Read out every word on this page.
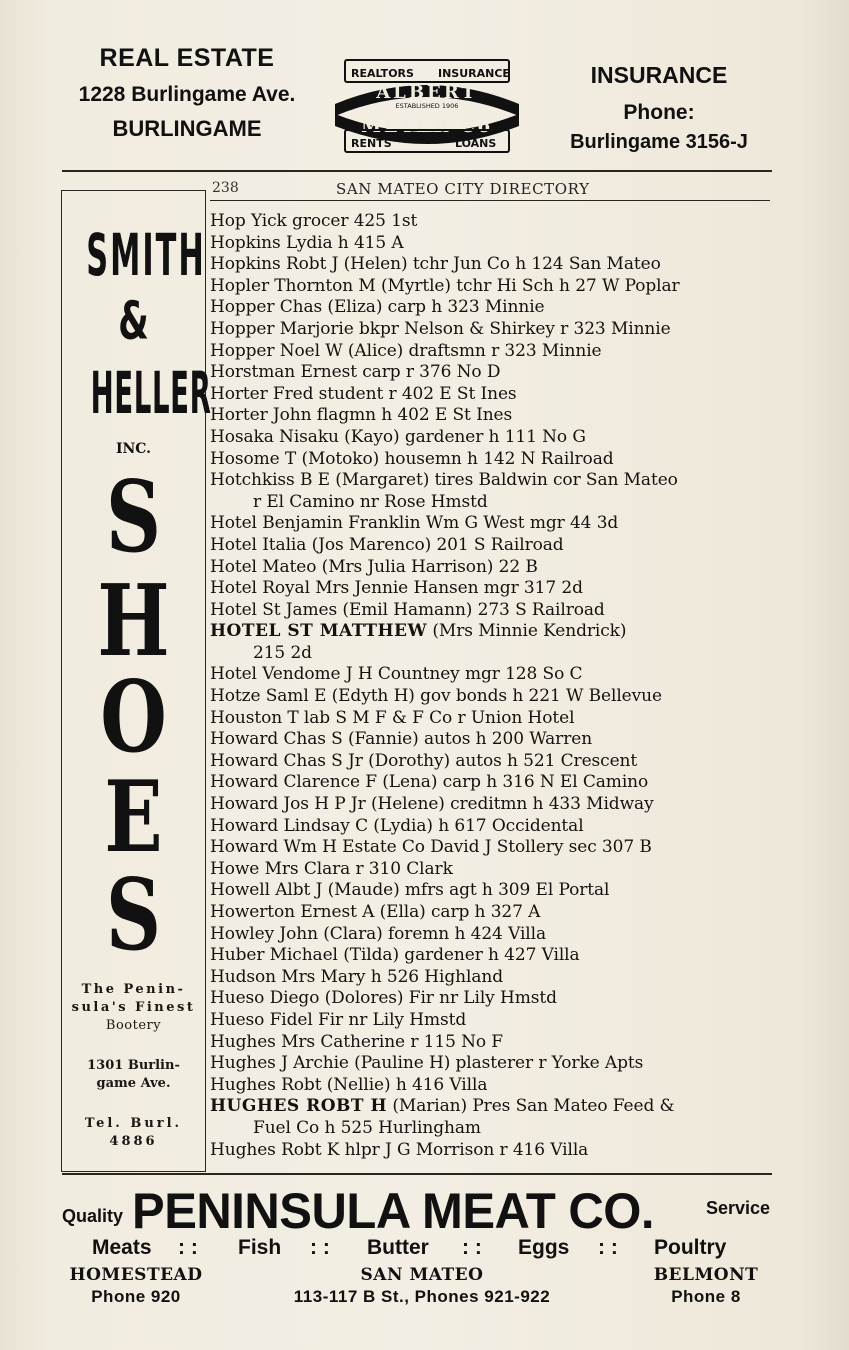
REAL ESTATE
1228 Burlingame Ave.
BURLINGAME
REALTORS INSURANCE
ALBERT
ESTABLISHED 1906
MEYER Co
RENTS	LOANS
INSURANCE
Phone:
Burlingame 3156-J
238	SAN MATEO CITY DIRECTORY
SMITH
&
HELLER
INC.
S
H
O
E
S
The Penin-
sula's Finest
Bootery
1301 Burlin-
game Ave.
Tel. Burl.
4886
Hop Yick grocer 425 1st
Hopkins Lydia h 415 A
Hopkins Robt J (Helen) tchr Jun Co h 124 San Mateo
Hopler Thornton M (Myrtle) tchr Hi Sch h 27 W Poplar
Hopper Chas (Eliza) carp h 323 Minnie
Hopper Marjorie bkpr Nelson & Shirkey r 323 Minnie
Hopper Noel W (Alice) draftsmn r 323 Minnie
Horstman Ernest carp r 376 No D
Horter Fred student r 402 E St Ines
Horter John flagmn h 402 E St Ines
Hosaka Nisaku (Kayo) gardener h 111 No G
Hosome T (Motoko) housemn h 142 N Railroad
Hotchkiss B E (Margaret) tires Baldwin cor San Mateo
r El Camino nr Rose Hmstd
Hotel Benjamin Franklin Wm G West mgr 44 3d
Hotel Italia (Jos Marenco) 201 S Railroad
Hotel Mateo (Mrs Julia Harrison) 22 B
Hotel Royal Mrs Jennie Hansen mgr 317 2d
Hotel St James (Emil Hamann) 273 S Railroad
HOTEL ST MATTHEW (Mrs Minnie Kendrick)
215 2d
Hotel Vendome J H Countney mgr 128 So C
Hotze Saml E (Edyth H) gov bonds h 221 W Bellevue
Houston T lab S M F & F Co r Union Hotel
Howard Chas S (Fannie) autos h 200 Warren
Howard Chas S Jr (Dorothy) autos h 521 Crescent
Howard Clarence F (Lena) carp h 316 N El Camino
Howard Jos H P Jr (Helene) creditmn h 433 Midway
Howard Lindsay C (Lydia) h 617 Occidental
Howard Wm H Estate Co David J Stollery sec 307 B
Howe Mrs Clara r 310 Clark
Howell Albt J (Maude) mfrs agt h 309 El Portal
Howerton Ernest A (Ella) carp h 327 A
Howley John (Clara) foremn h 424 Villa
Huber Michael (Tilda) gardener h 427 Villa
Hudson Mrs Mary h 526 Highland
Hueso Diego (Dolores) Fir nr Lily Hmstd
Hueso Fidel Fir nr Lily Hmstd
Hughes Mrs Catherine r 115 No F
Hughes J Archie (Pauline H) plasterer r Yorke Apts
Hughes Robt (Nellie) h 416 Villa
HUGHES ROBT H (Marian) Pres San Mateo Feed &
Fuel Co h 525 Hurlingham
Hughes Robt K hlpr J G Morrison r 416 Villa
Quality PENINSULA MEAT CO.	Service
Meats : : Fish : : Butter : : Eggs : : Poultry
HOMESTEAD
Phone 920
SAN MATEO
113-117 B St., Phones 921-922
BELMONT
Phone 8
